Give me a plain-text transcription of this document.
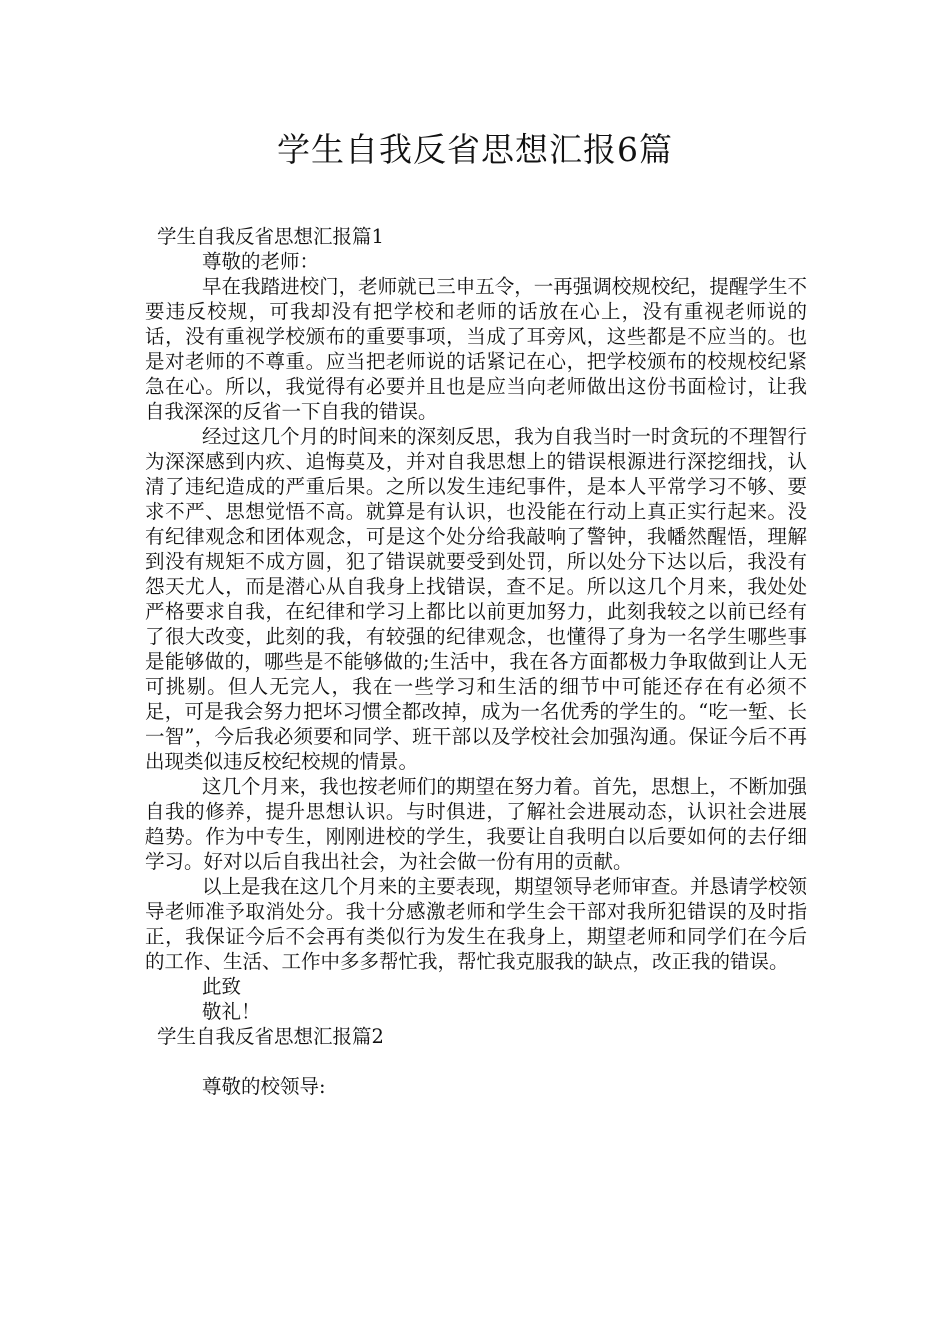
学生自我反省思想汇报6篇

学生自我反省思想汇报篇1

尊敬的老师：

早在我踏进校门，老师就已三申五令，一再强调校规校纪，提醒学生不要违反校规，可我却没有把学校和老师的话放在心上，没有重视老师说的话，没有重视学校颁布的重要事项，当成了耳旁风，这些都是不应当的。也是对老师的不尊重。应当把老师说的话紧记在心，把学校颁布的校规校纪紧急在心。所以，我觉得有必要并且也是应当向老师做出这份书面检讨，让我自我深深的反省一下自我的错误。

经过这几个月的时间来的深刻反思，我为自我当时一时贪玩的不理智行为深深感到内疚、追悔莫及，并对自我思想上的错误根源进行深挖细找，认清了违纪造成的严重后果。之所以发生违纪事件，是本人平常学习不够、要求不严、思想觉悟不高。就算是有认识，也没能在行动上真正实行起来。没有纪律观念和团体观念，可是这个处分给我敲响了警钟，我幡然醒悟，理解到没有规矩不成方圆，犯了错误就要受到处罚，所以处分下达以后，我没有怨天尤人，而是潜心从自我身上找错误，查不足。所以这几个月来，我处处严格要求自我，在纪律和学习上都比以前更加努力，此刻我较之以前已经有了很大改变，此刻的我，有较强的纪律观念，也懂得了身为一名学生哪些事是能够做的，哪些是不能够做的;生活中，我在各方面都极力争取做到让人无可挑剔。但人无完人，我在一些学习和生活的细节中可能还存在有必须不足，可是我会努力把坏习惯全都改掉，成为一名优秀的学生的。“吃一堑、长一智”，今后我必须要和同学、班干部以及学校社会加强沟通。保证今后不再出现类似违反校纪校规的情景。

这几个月来，我也按老师们的期望在努力着。首先，思想上，不断加强自我的修养，提升思想认识。与时俱进，了解社会进展动态，认识社会进展趋势。作为中专生，刚刚进校的学生，我要让自我明白以后要如何的去仔细学习。好对以后自我出社会，为社会做一份有用的贡献。

以上是我在这几个月来的主要表现，期望领导老师审查。并恳请学校领导老师准予取消处分。我十分感激老师和学生会干部对我所犯错误的及时指正，我保证今后不会再有类似行为发生在我身上，期望老师和同学们在今后的工作、生活、工作中多多帮忙我，帮忙我克服我的缺点，改正我的错误。

此致

敬礼！

学生自我反省思想汇报篇2

尊敬的校领导:
